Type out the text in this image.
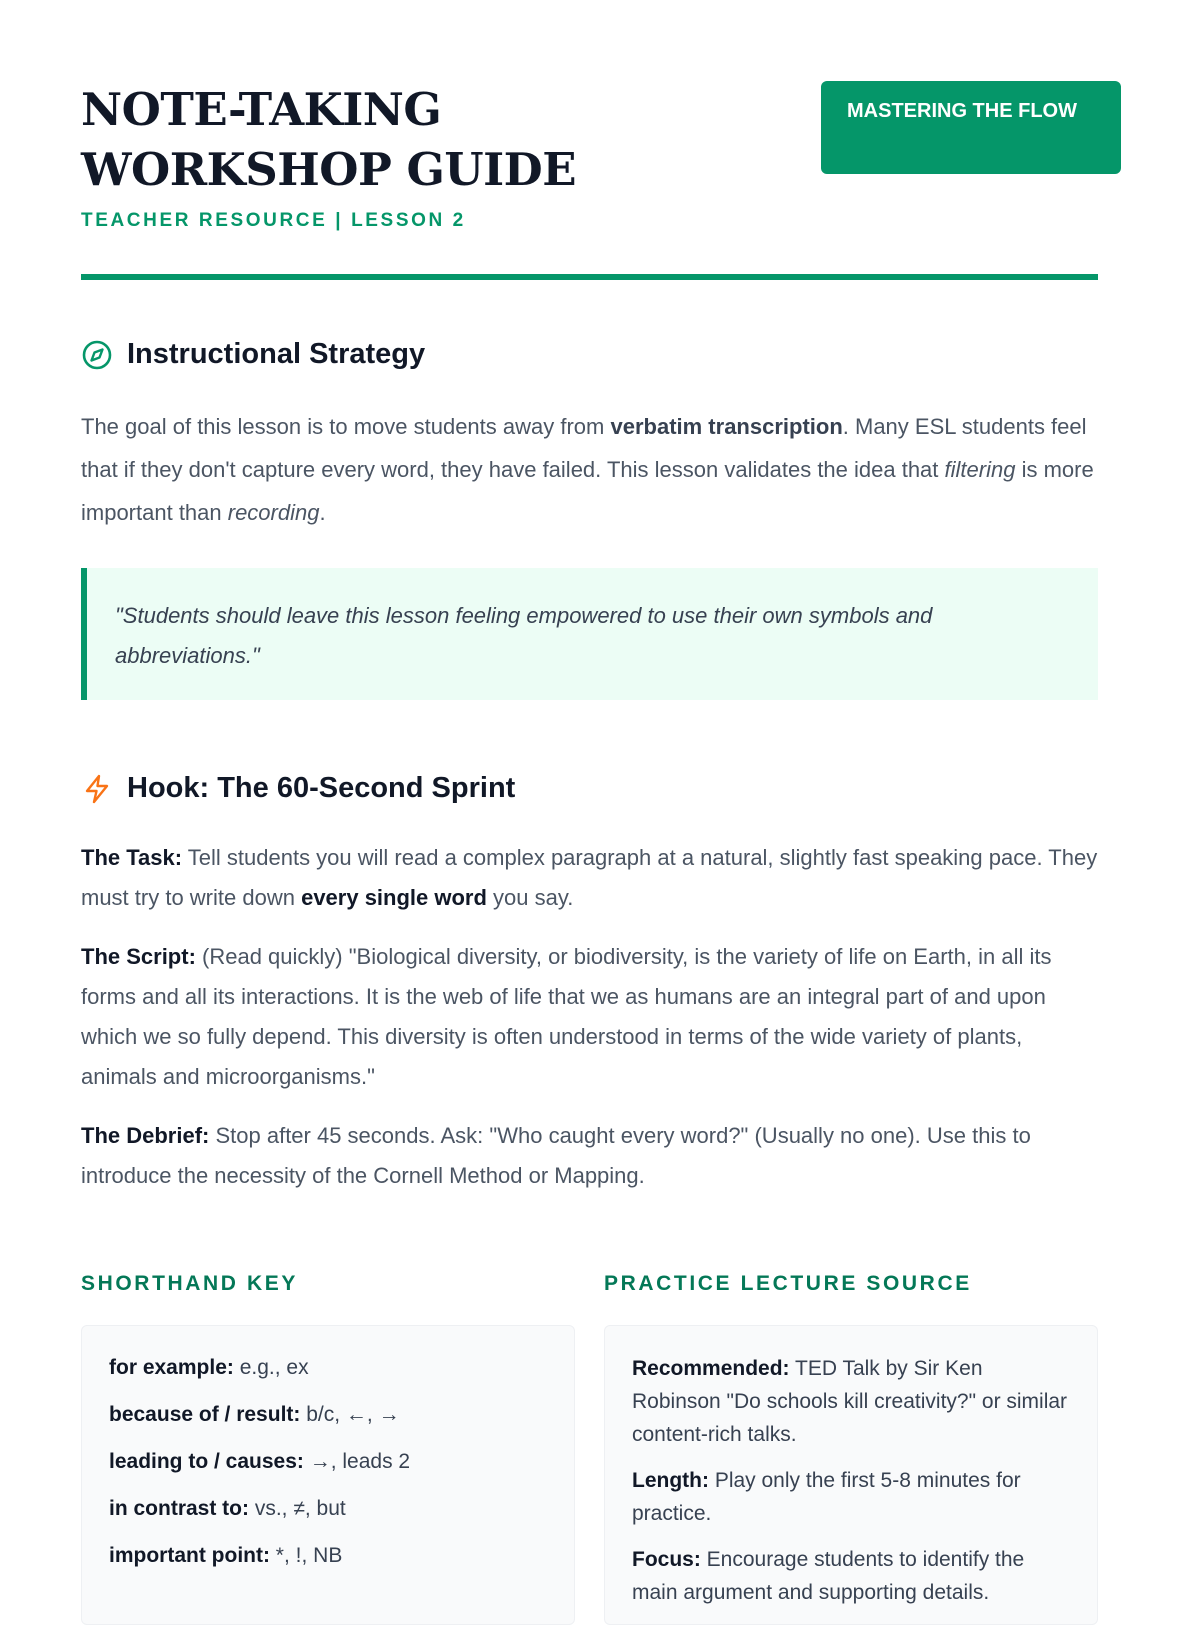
NOTE-TAKING WORKSHOP GUIDE
TEACHER RESOURCE | LESSON 2
MASTERING THE FLOW
Instructional Strategy

The goal of this lesson is to move students away from verbatim transcription. Many ESL students feel that if they don't capture every word, they have failed. This lesson validates the idea that filtering is more important than recording.

"Students should leave this lesson feeling empowered to use their own symbols and abbreviations."
Hook: The 60-Second Sprint

The Task: Tell students you will read a complex paragraph at a natural, slightly fast speaking pace. They must try to write down every single word you say.

The Script: (Read quickly) "Biological diversity, or biodiversity, is the variety of life on Earth, in all its forms and all its interactions. It is the web of life that we as humans are an integral part of and upon which we so fully depend. This diversity is often understood in terms of the wide variety of plants, animals and microorganisms."

The Debrief: Stop after 45 seconds. Ask: "Who caught every word?" (Usually no one). Use this to introduce the necessity of the Cornell Method or Mapping.

SHORTHAND KEY
for example: e.g., ex
because of / result: b/c, ←, →
leading to / causes: →, leads 2
in contrast to: vs., ≠, but
important point: *, !, NB
PRACTICE LECTURE SOURCE
Recommended: TED Talk by Sir Ken Robinson "Do schools kill creativity?" or similar content-rich talks.
Length: Play only the first 5-8 minutes for practice.
Focus: Encourage students to identify the main argument and supporting details.
